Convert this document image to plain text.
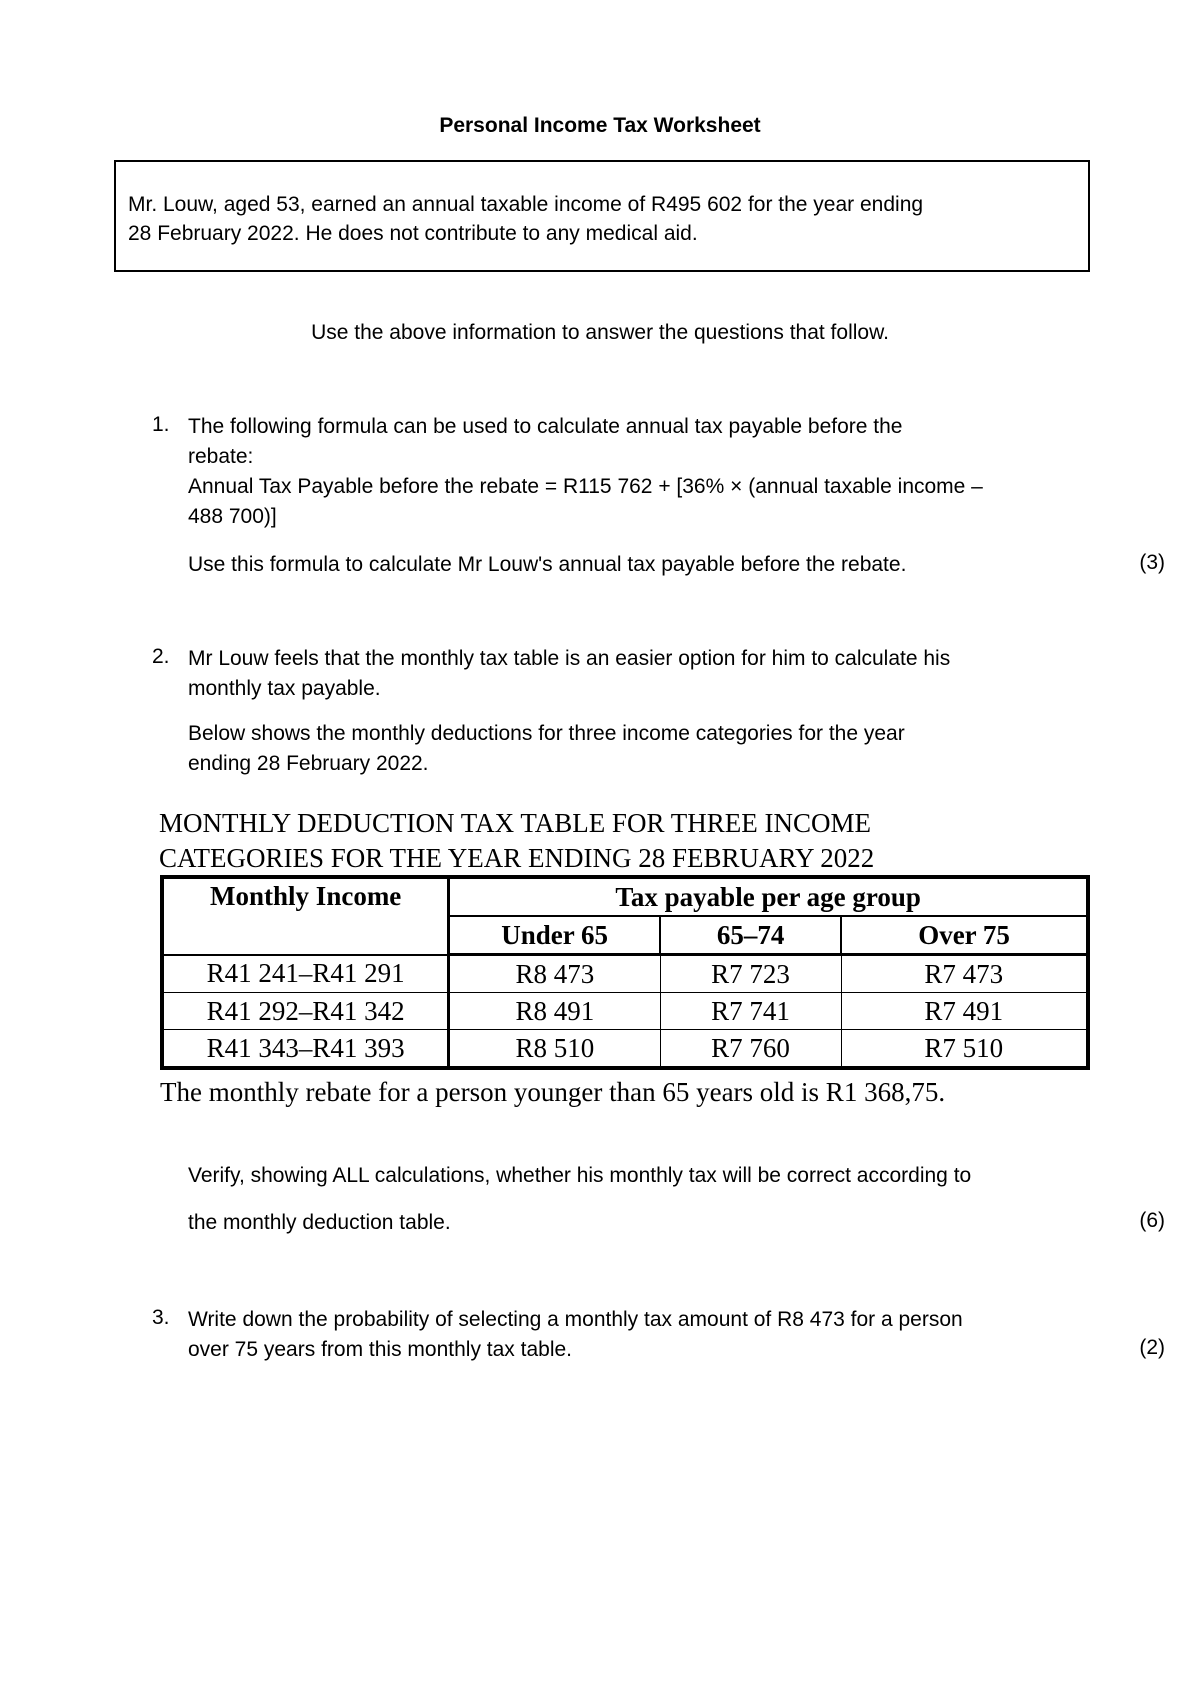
Personal Income Tax Worksheet
Mr. Louw, aged 53, earned an annual taxable income of R495 602 for the year ending
28 February 2022. He does not contribute to any medical aid.
Use the above information to answer the questions that follow.
1. The following formula can be used to calculate annual tax payable before the
rebate:
Annual Tax Payable before the rebate = R115 762 + [36% × (annual taxable income –
488 700)]
Use this formula to calculate Mr Louw's annual tax payable before the rebate.	(3)
2. Mr Louw feels that the monthly tax table is an easier option for him to calculate his
monthly tax payable.
Below shows the monthly deductions for three income categories for the year
ending 28 February 2022.
MONTHLY DEDUCTION TAX TABLE FOR THREE INCOME
CATEGORIES FOR THE YEAR ENDING 28 FEBRUARY 2022
Monthly Income	Tax payable per age group		
	Under 65	65–74	Over 75
R41 241–R41 291	R8 473	R7 723	R7 473
R41 292–R41 342	R8 491	R7 741	R7 491
R41 343–R41 393	R8 510	R7 760	R7 510
The monthly rebate for a person younger than 65 years old is R1 368,75.
Verify, showing ALL calculations, whether his monthly tax will be correct according to
the monthly deduction table.	(6)
3. Write down the probability of selecting a monthly tax amount of R8 473 for a person
over 75 years from this monthly tax table.	(2)
